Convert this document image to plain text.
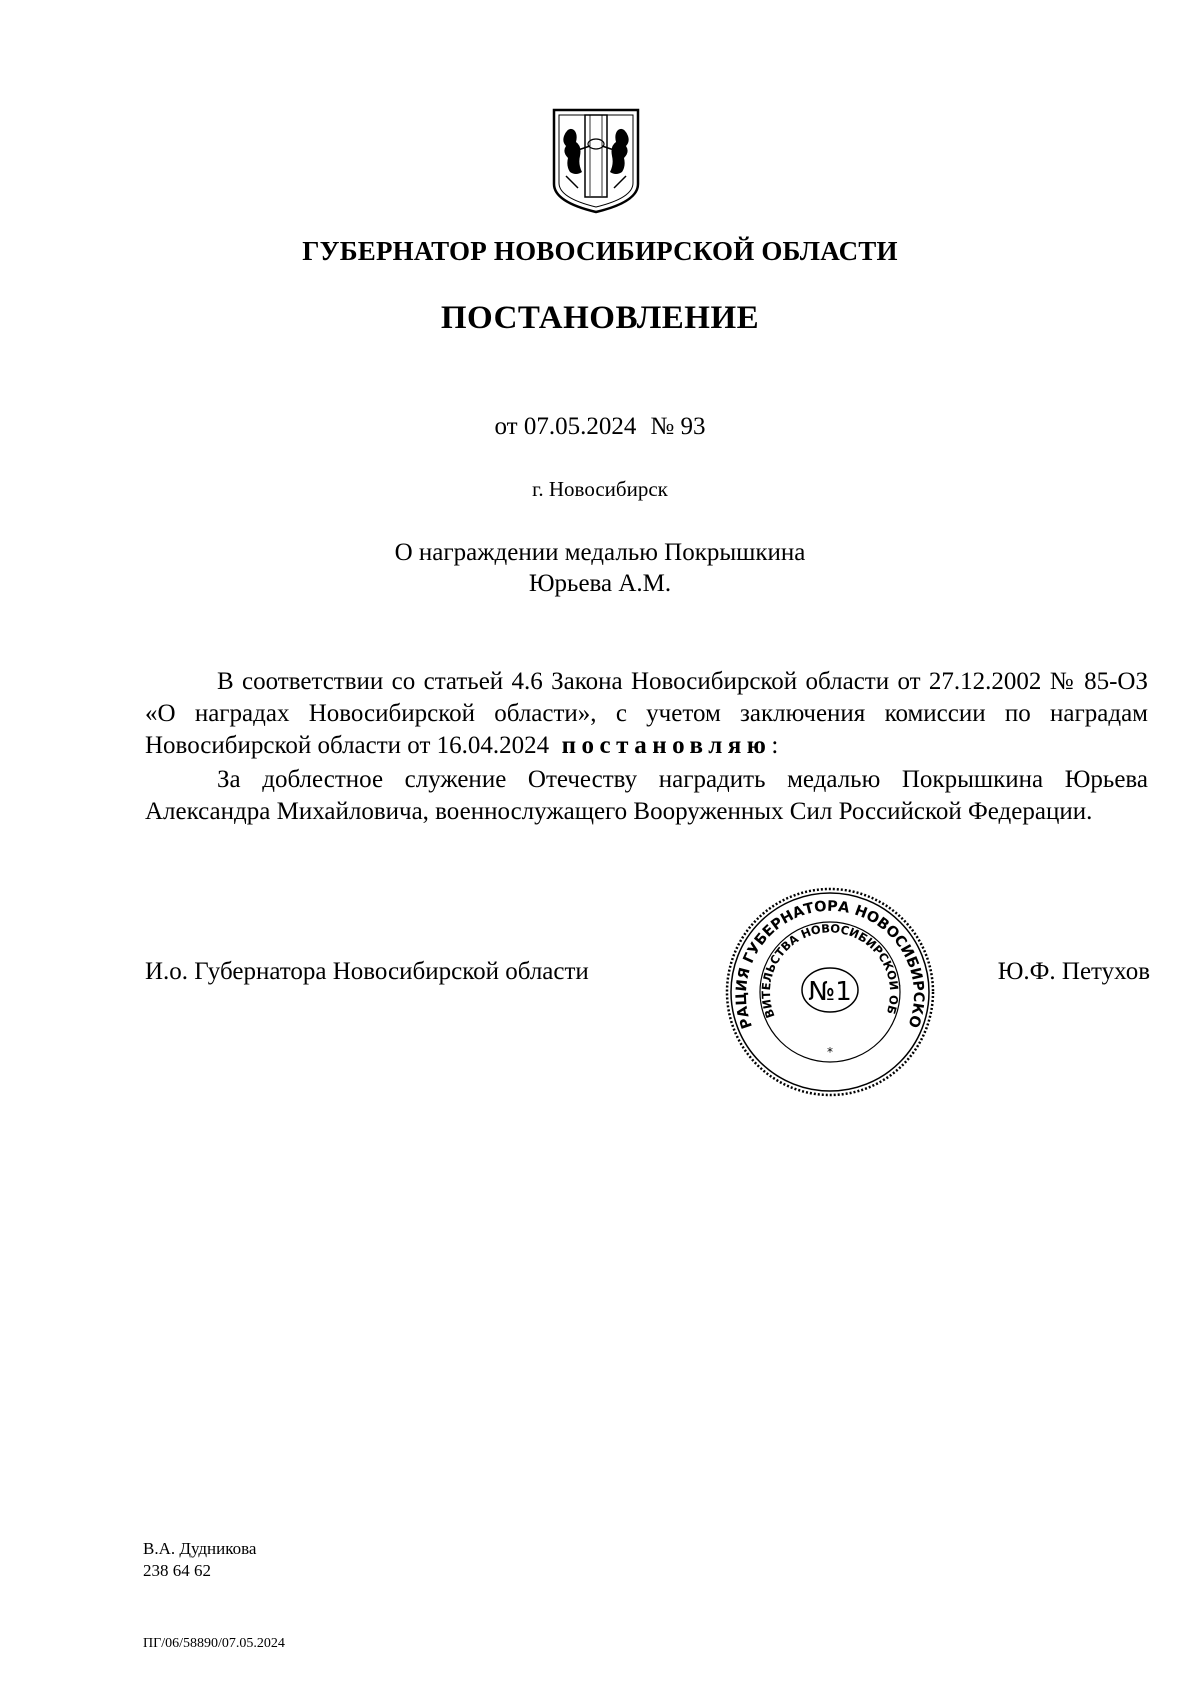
ГУБЕРНАТОР НОВОСИБИРСКОЙ ОБЛАСТИ
ПОСТАНОВЛЕНИЕ
от 07.05.2024 № 93
г. Новосибирск
О награждении медалью Покрышкина
Юрьева А.М.

В соответствии со статьей 4.6 Закона Новосибирской области от 27.12.2002 № 85-ОЗ «О наградах Новосибирской области», с учетом заключения комиссии по наградам Новосибирской области от 16.04.2024 постановляю:

За доблестное служение Отечеству наградить медалью Покрышкина Юрьева Александра Михайловича, военнослужащего Вооруженных Сил Российской Федерации.

И.о. Губернатора Новосибирской области	Ю.Ф. Петухов
РАЦИЯ ГУБЕРНАТОРА НОВОСИБИРСКО
ВИТЕЛЬСТВА НОВОСИБИРСКОЙ ОБ
№1
*
В.А. Дудникова
238 64 62
ПГ/06/58890/07.05.2024
